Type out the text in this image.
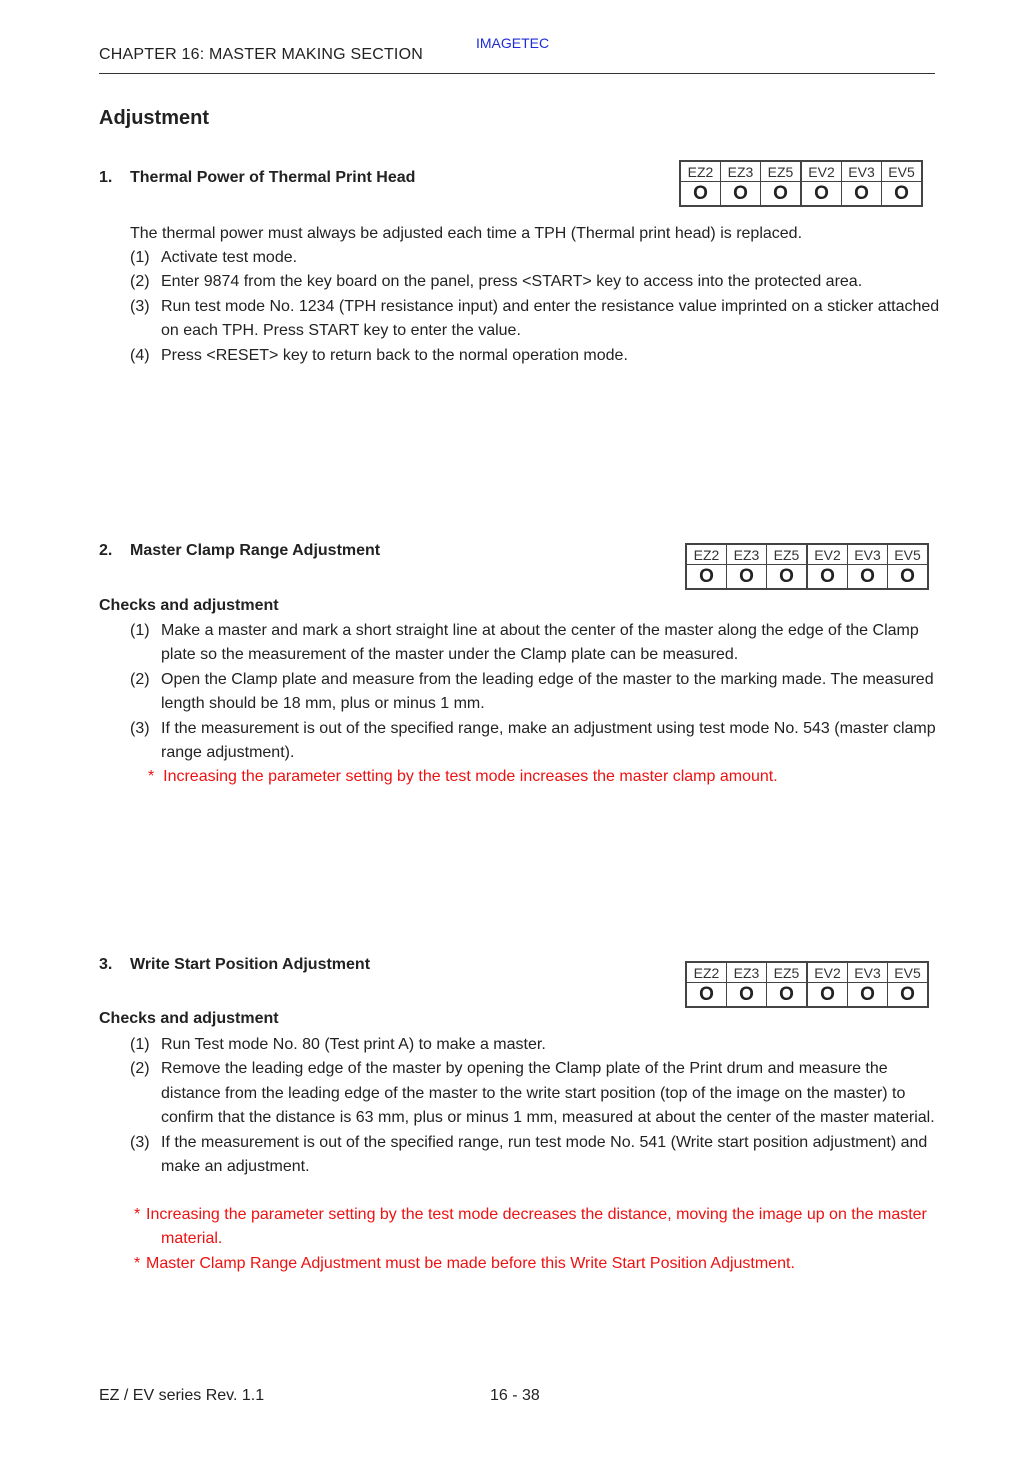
CHAPTER 16: MASTER MAKING SECTION
IMAGETEC
Adjustment
1. Thermal Power of Thermal Print Head	EZ2	EZ3	EZ5	EV2	EV3	EV5
O	O	O	O	O	O
The thermal power must always be adjusted each time a TPH (Thermal print head) is replaced.
(1) Activate test mode.
(2) Enter 9874 from the key board on the panel, press <START> key to access into the protected area.
(3) Run test mode No. 1234 (TPH resistance input) and enter the resistance value imprinted on a sticker attached on each TPH. Press START key to enter the value.
(4) Press <RESET> key to return back to the normal operation mode.
2. Master Clamp Range Adjustment	EZ2	EZ3	EZ5	EV2	EV3	EV5
O	O	O	O	O	O
Checks and adjustment
(1) Make a master and mark a short straight line at about the center of the master along the edge of the Clamp plate so the measurement of the master under the Clamp plate can be measured.
(2) Open the Clamp plate and measure from the leading edge of the master to the marking made. The measured length should be 18 mm, plus or minus 1 mm.
(3) If the measurement is out of the specified range, make an adjustment using test mode No. 543 (master clamp range adjustment).
* Increasing the parameter setting by the test mode increases the master clamp amount.
3. Write Start Position Adjustment	EZ2	EZ3	EZ5	EV2	EV3	EV5
O	O	O	O	O	O
Checks and adjustment
(1) Run Test mode No. 80 (Test print A) to make a master.
(2) Remove the leading edge of the master by opening the Clamp plate of the Print drum and measure the distance from the leading edge of the master to the write start position (top of the image on the master) to confirm that the distance is 63 mm, plus or minus 1 mm, measured at about the center of the master material.
(3) If the measurement is out of the specified range, run test mode No. 541 (Write start position adjustment) and make an adjustment.
* Increasing the parameter setting by the test mode decreases the distance, moving the image up on the master material.
* Master Clamp Range Adjustment must be made before this Write Start Position Adjustment.
EZ / EV series Rev. 1.1	16 - 38
